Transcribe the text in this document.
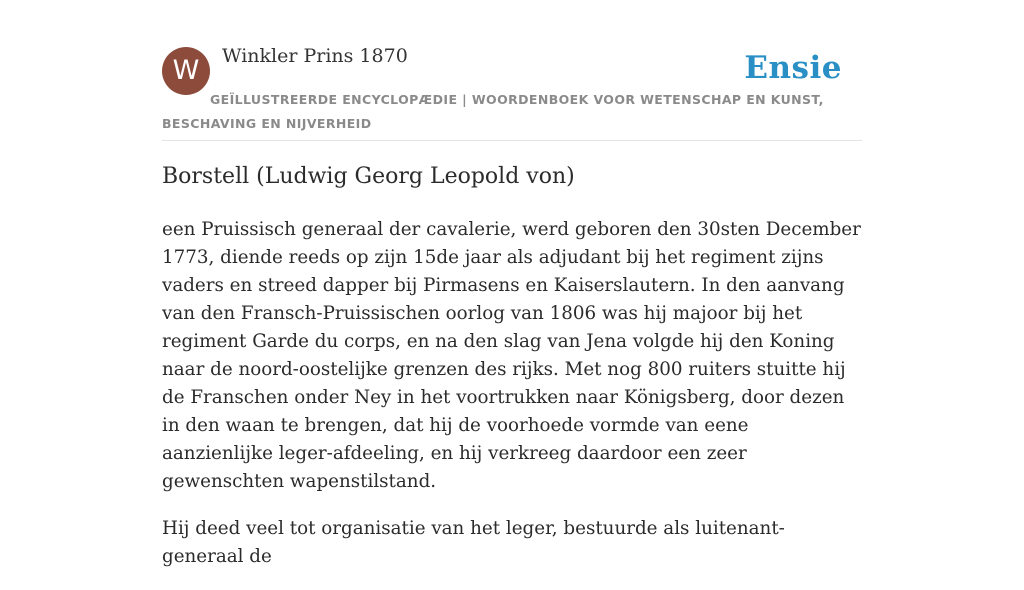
W	Winkler Prins 1870	Ensie
GEÏLLUSTREERDE ENCYCLOPÆDIE | WOORDENBOEK VOOR WETENSCHAP EN KUNST, BESCHAVING EN NIJVERHEID
Borstell (Ludwig Georg Leopold von)

een Pruissisch generaal der cavalerie, werd geboren den 30sten December 1773, diende reeds op zijn 15de jaar als adjudant bij het regiment zijns vaders en streed dapper bij Pirmasens en Kaiserslautern. In den aanvang van den Fransch-Pruissischen oorlog van 1806 was hij majoor bij het regiment Garde du corps, en na den slag van Jena volgde hij den Koning naar de noord-oostelijke grenzen des rijks. Met nog 800 ruiters stuitte hij de Franschen onder Ney in het voortrukken naar Königsberg, door dezen in den waan te brengen, dat hij de voorhoede vormde van eene aanzienlijke leger-afdeeling, en hij verkreeg daardoor een zeer gewenschten wapenstilstand.

Hij deed veel tot organisatie van het leger, bestuurde als luitenant-generaal de
